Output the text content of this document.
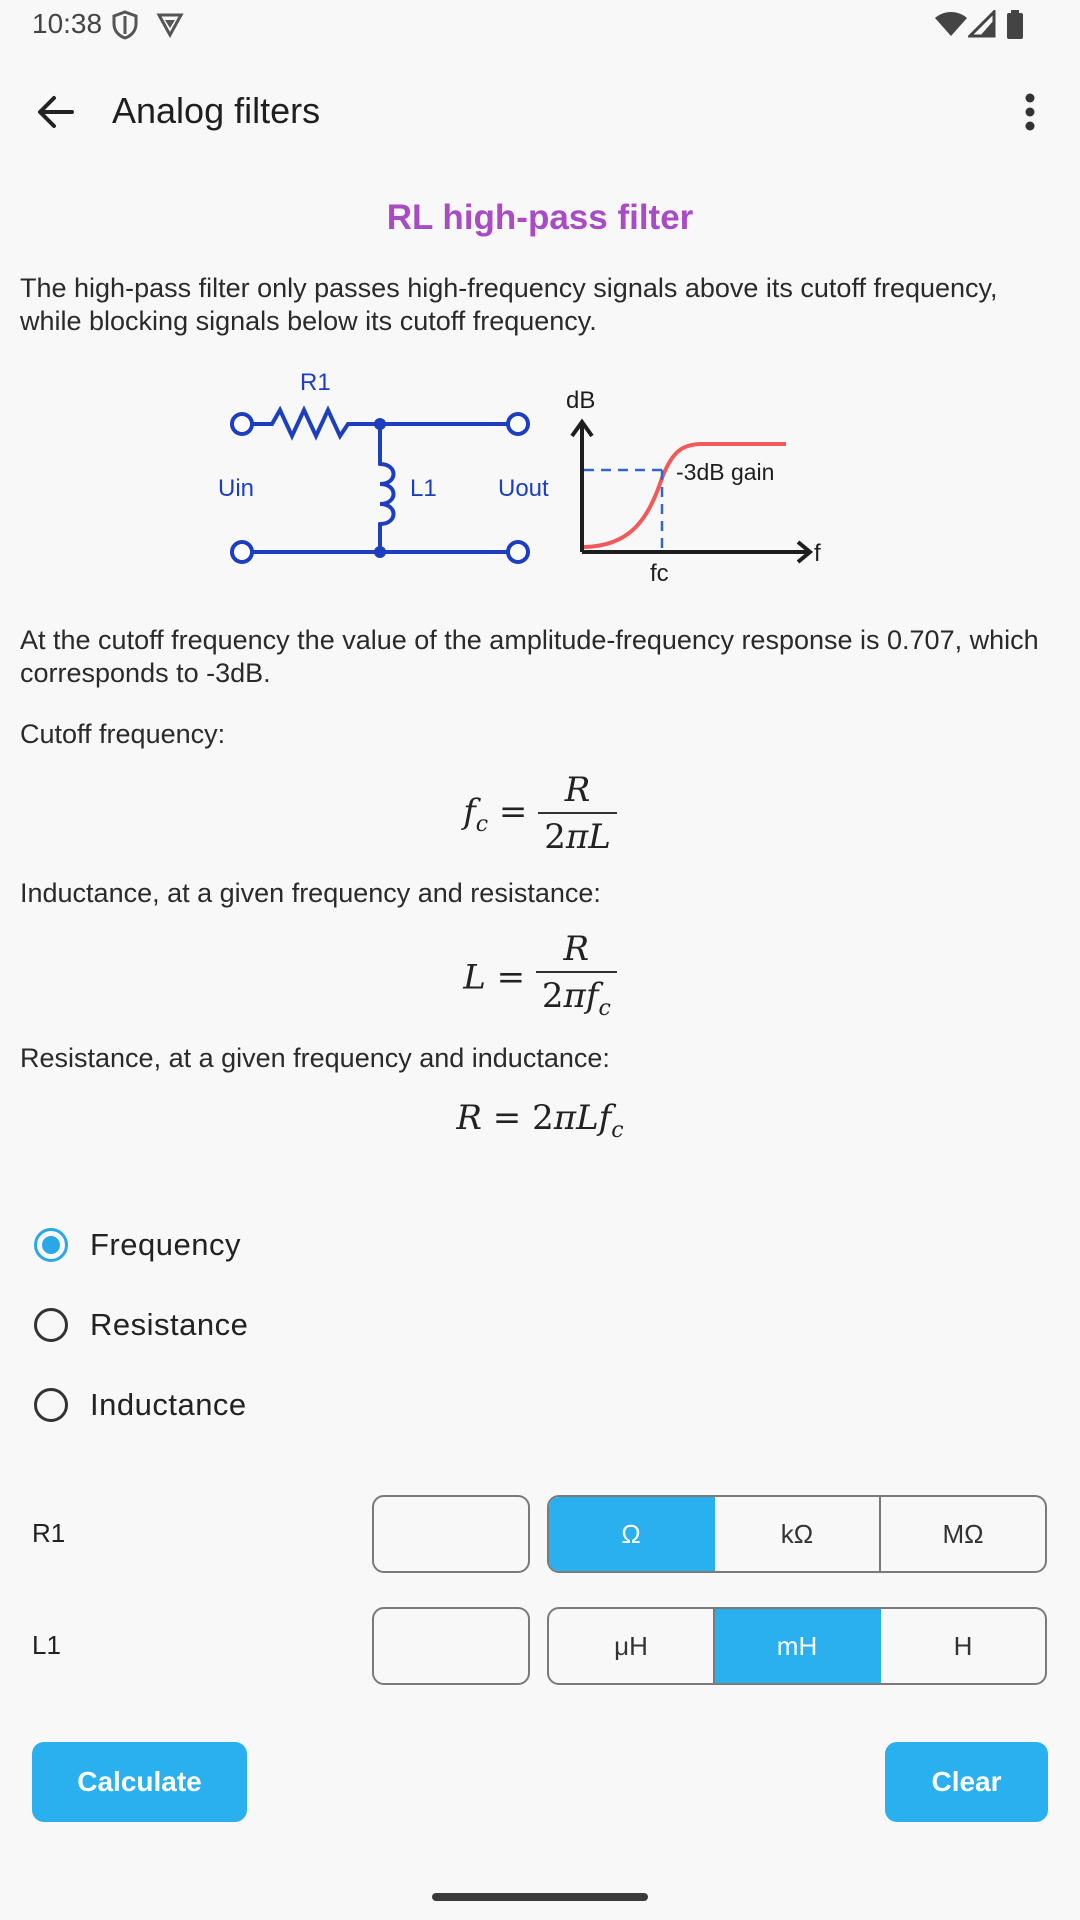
10:38
Analog filters
RL high-pass filter
The high-pass filter only passes high-frequency signals above its cutoff frequency, while blocking signals below its cutoff frequency.
R1
Uin	L1	Uout
dB
f
fc
-3dB gain
At the cutoff frequency the value of the amplitude-frequency response is 0.707, which corresponds to -3dB.
Cutoff frequency:
$f_c = \frac{R}{2\pi L}$
Inductance, at a given frequency and resistance:
$L = \frac{R}{2\pi f_c}$
Resistance, at a given frequency and inductance:
R = 2πLf$_c$
Frequency
Resistance
Inductance
R1	Ω	kΩ	MΩ
L1	μH	mH	H
Calculate	Clear
